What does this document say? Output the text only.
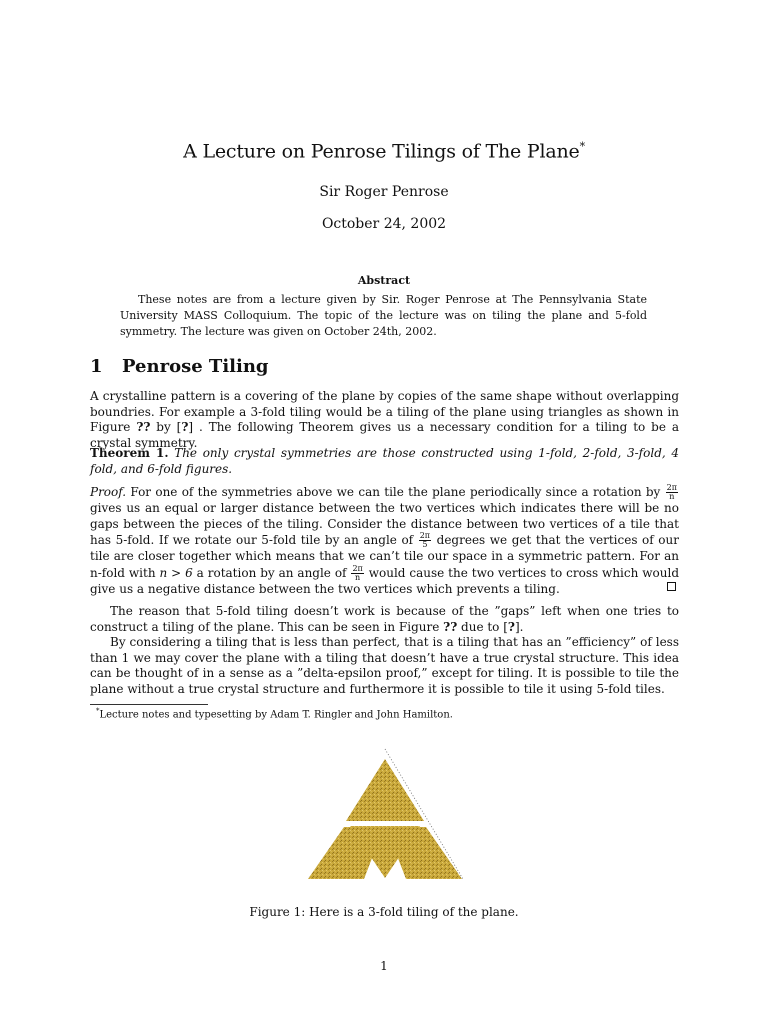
A Lecture on Penrose Tilings of The Plane*
Sir Roger Penrose
October 24, 2002
Abstract
These notes are from a lecture given by Sir. Roger Penrose at The Pennsylvania State University MASS Colloquium. The topic of the lecture was on tiling the plane and 5-fold symmetry. The lecture was given on October 24th, 2002.
1 Penrose Tiling
A crystalline pattern is a covering of the plane by copies of the same shape without overlapping boundries. For example a 3-fold tiling would be a tiling of the plane using triangles as shown in Figure ?? by [?] . The following Theorem gives us a necessary condition for a tiling to be a crystal symmetry.
Theorem 1. The only crystal symmetries are those constructed using 1-fold, 2-fold, 3-fold, 4 fold, and 6-fold figures.
Proof. For one of the symmetries above we can tile the plane periodically since a rotation by $\frac{2\pi}{n}$
gives us an equal or larger distance between the two vertices which indicates there will be no gaps between the pieces of the tiling. Consider the distance between two vertices of a tile that has 5-fold. If we rotate our 5-fold tile by an angle of $\frac{2\pi}{5}$ degrees we get that the vertices of our tile are closer together which means that we can’t tile our space in a symmetric pattern. For an n-fold with n > 6 a rotation by an angle of $\frac{2\pi}{n}$ would cause the two vertices to cross which would give us a negative distance between the two vertices which prevents a tiling.
The reason that 5-fold tiling doesn’t work is because of the ”gaps” left when one tries to construct a tiling of the plane. This can be seen in Figure ?? due to [?].
By considering a tiling that is less than perfect, that is a tiling that has an ”efficiency” of less than 1 we may cover the plane with a tiling that doesn’t have a true crystal structure. This idea can be thought of in a sense as a ”delta-epsilon proof,” except for tiling. It is possible to tile the plane without a true crystal structure and furthermore it is possible to tile it using 5-fold tiles.
*Lecture notes and typesetting by Adam T. Ringler and John Hamilton.
Figure 1: Here is a 3-fold tiling of the plane.
1
